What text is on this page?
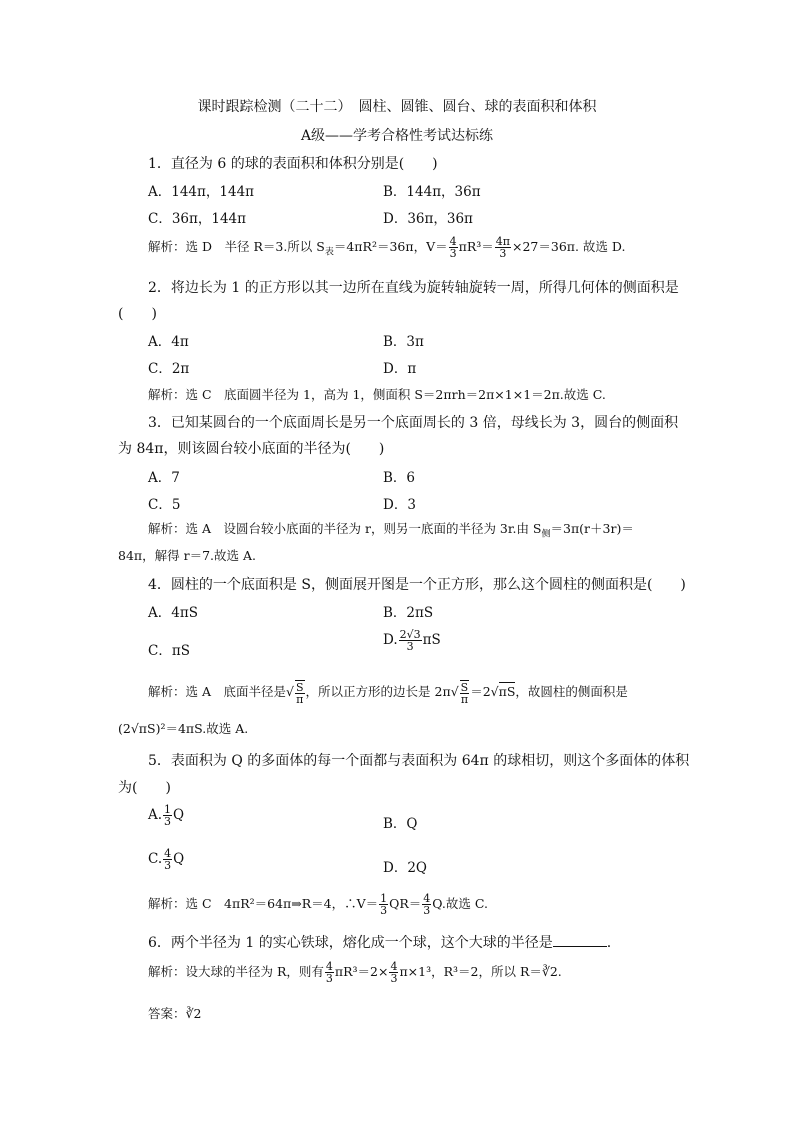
课时跟踪检测（二十二）　圆柱、圆锥、圆台、球的表面积和体积
A级——学考合格性考试达标练
1．直径为 6 的球的表面积和体积分别是(　　)
A．144π，144π	B．144π，36π
C．36π，144π	D．36π，36π
解析：选 D　半径 R＝3.所以 $S_表=4\pi R^2=36\pi$，$V= \frac{4}{3} \pi R^3= \frac{4\pi}{3} \times 27=36\pi$. 故选 D.
2．将边长为 1 的正方形以其一边所在直线为旋转轴旋转一周，所得几何体的侧面积是
(　　)
A．4π	B．3π
C．2π	D．π
解析：选 C　底面圆半径为 1，高为 1，侧面积 S＝2πrh＝2π×1×1＝2π.故选 C.
3．已知某圆台的一个底面周长是另一个底面周长的 3 倍，母线长为 3，圆台的侧面积
为 84π，则该圆台较小底面的半径为(　　)
A．7	B．6
C．5	D．3
解析：选 A　设圆台较小底面的半径为 r，则另一底面的半径为 3r.由 $S_侧=3\pi(r+3r)=$
84π，解得 r＝7.故选 A.
4．圆柱的一个底面积是 S，侧面展开图是一个正方形，那么这个圆柱的侧面积是(　　)
A．4πS	B．2πS
C．πS
D. $\frac{2√3}{3}$ πS
解析：选 A　底面半径是√ $\frac{S}{\pi}$ ，所以正方形的边长是 $2\pi√ \frac{S}{\pi} =2√\pi S$，故圆柱的侧面积是
(2√πS)²＝4πS.故选 A.
5．表面积为 Q 的多面体的每一个面都与表面积为 64π 的球相切，则这个多面体的体积
为(　　)
A. $\frac{1}{3}$ Q
B．Q
C. $\frac{4}{3}$ Q
D．2Q
解析：选 C　4πR²＝64π⇒R＝4，∴V＝ $\frac{1}{3} QR= \frac{4}{3} Q$.故选 C.
6．两个半径为 1 的实心铁球，熔化成一个球，这个大球的半径是	.
解析：设大球的半径为 R，则有 $\frac{4}{3} \pi R^3=2\times \frac{4}{3} \pi\times 1^3$，R³＝2，所以 R＝∛2.
答案：∛2
